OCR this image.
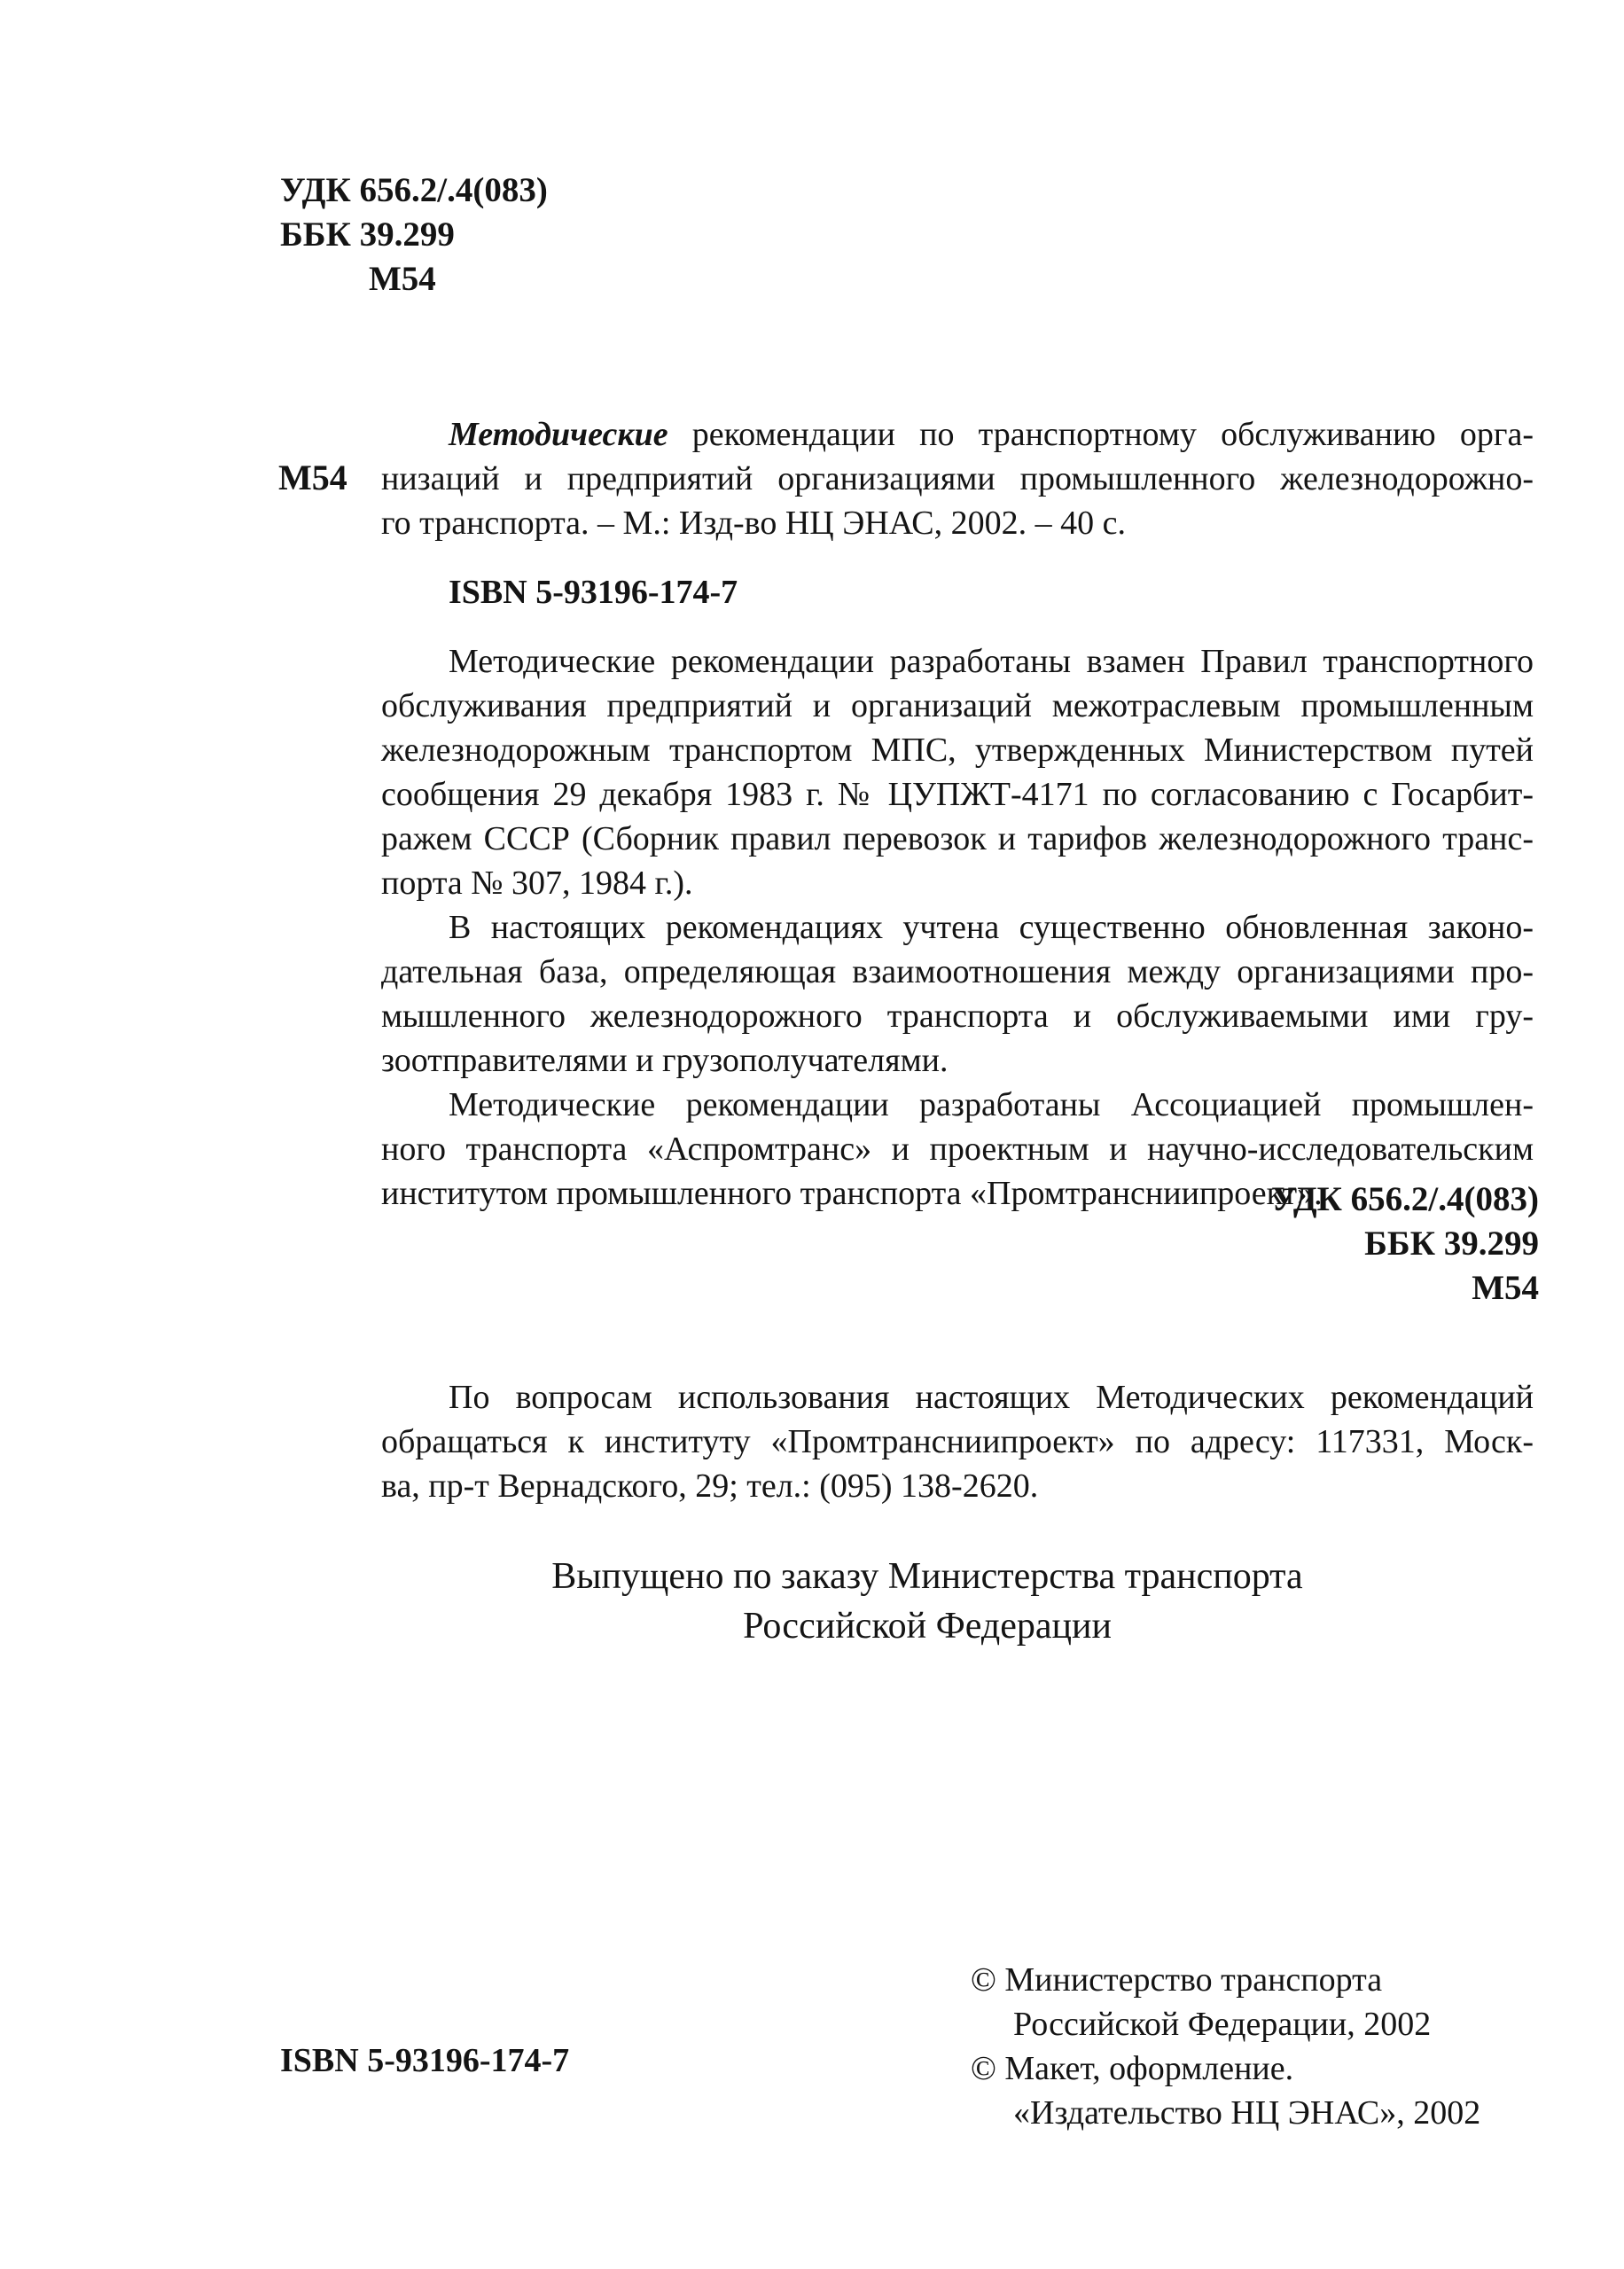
УДК 656.2/.4(083)
ББК 39.299
M54
M54
Методические рекомендации по транспортному обслуживанию орга-
низаций и предприятий организациями промышленного железнодорожно-
го транспорта. – М.: Изд-во НЦ ЭНАС, 2002. – 40 с.
ISBN 5-93196-174-7
Методические рекомендации разработаны взамен Правил транспортного
обслуживания предприятий и организаций межотраслевым промышленным
железнодорожным транспортом МПС, утвержденных Министерством путей
сообщения 29 декабря 1983 г. № ЦУПЖТ-4171 по согласованию с Госарбит-
ражем СССР (Сборник правил перевозок и тарифов железнодорожного транс-
порта № 307, 1984 г.).
В настоящих рекомендациях учтена существенно обновленная законо-
дательная база, определяющая взаимоотношения между организациями про-
мышленного железнодорожного транспорта и обслуживаемыми ими гру-
зоотправителями и грузополучателями.
Методические рекомендации разработаны Ассоциацией промышлен-
ного транспорта «Аспромтранс» и проектным и научно-исследовательским
институтом промышленного транспорта «Промтрансниипроект».
УДК 656.2/.4(083)
ББК 39.299
M54
По вопросам использования настоящих Методических рекомендаций
обращаться к институту «Промтрансниипроект» по адресу: 117331, Моск-
ва, пр-т Вернадского, 29; тел.: (095) 138-2620.
Выпущено по заказу Министерства транспорта
Российской Федерации
© Министерство транспорта
Российской Федерации, 2002
© Макет, оформление.
«Издательство НЦ ЭНАС», 2002
ISBN 5-93196-174-7
